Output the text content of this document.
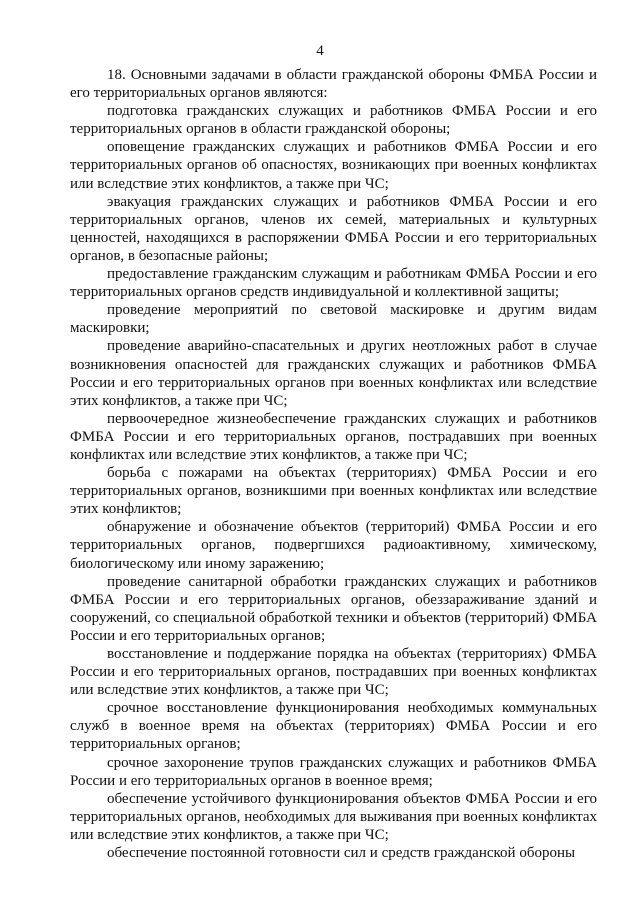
4

18. Основными задачами в области гражданской обороны ФМБА России и его территориальных органов являются:

подготовка гражданских служащих и работников ФМБА России и его территориальных органов в области гражданской обороны;

оповещение гражданских служащих и работников ФМБА России и его территориальных органов об опасностях, возникающих при военных конфликтах или вследствие этих конфликтов, а также при ЧС;

эвакуация гражданских служащих и работников ФМБА России и его территориальных органов, членов их семей, материальных и культурных ценностей, находящихся в распоряжении ФМБА России и его территориальных органов, в безопасные районы;

предоставление гражданским служащим и работникам ФМБА России и его территориальных органов средств индивидуальной и коллективной защиты;

проведение мероприятий по световой маскировке и другим видам маскировки;

проведение аварийно-спасательных и других неотложных работ в случае возникновения опасностей для гражданских служащих и работников ФМБА России и его территориальных органов при военных конфликтах или вследствие этих конфликтов, а также при ЧС;

первоочередное жизнеобеспечение гражданских служащих и работников ФМБА России и его территориальных органов, пострадавших при военных конфликтах или вследствие этих конфликтов, а также при ЧС;

борьба с пожарами на объектах (территориях) ФМБА России и его территориальных органов, возникшими при военных конфликтах или вследствие этих конфликтов;

обнаружение и обозначение объектов (территорий) ФМБА России и его территориальных органов, подвергшихся радиоактивному, химическому, биологическому или иному заражению;

проведение санитарной обработки гражданских служащих и работников ФМБА России и его территориальных органов, обеззараживание зданий и сооружений, со специальной обработкой техники и объектов (территорий) ФМБА России и его территориальных органов;

восстановление и поддержание порядка на объектах (территориях) ФМБА России и его территориальных органов, пострадавших при военных конфликтах или вследствие этих конфликтов, а также при ЧС;

срочное восстановление функционирования необходимых коммунальных служб в военное время на объектах (территориях) ФМБА России и его территориальных органов;

срочное захоронение трупов гражданских служащих и работников ФМБА России и его территориальных органов в военное время;

обеспечение устойчивого функционирования объектов ФМБА России и его территориальных органов, необходимых для выживания при военных конфликтах или вследствие этих конфликтов, а также при ЧС;

обеспечение постоянной готовности сил и средств гражданской обороны
